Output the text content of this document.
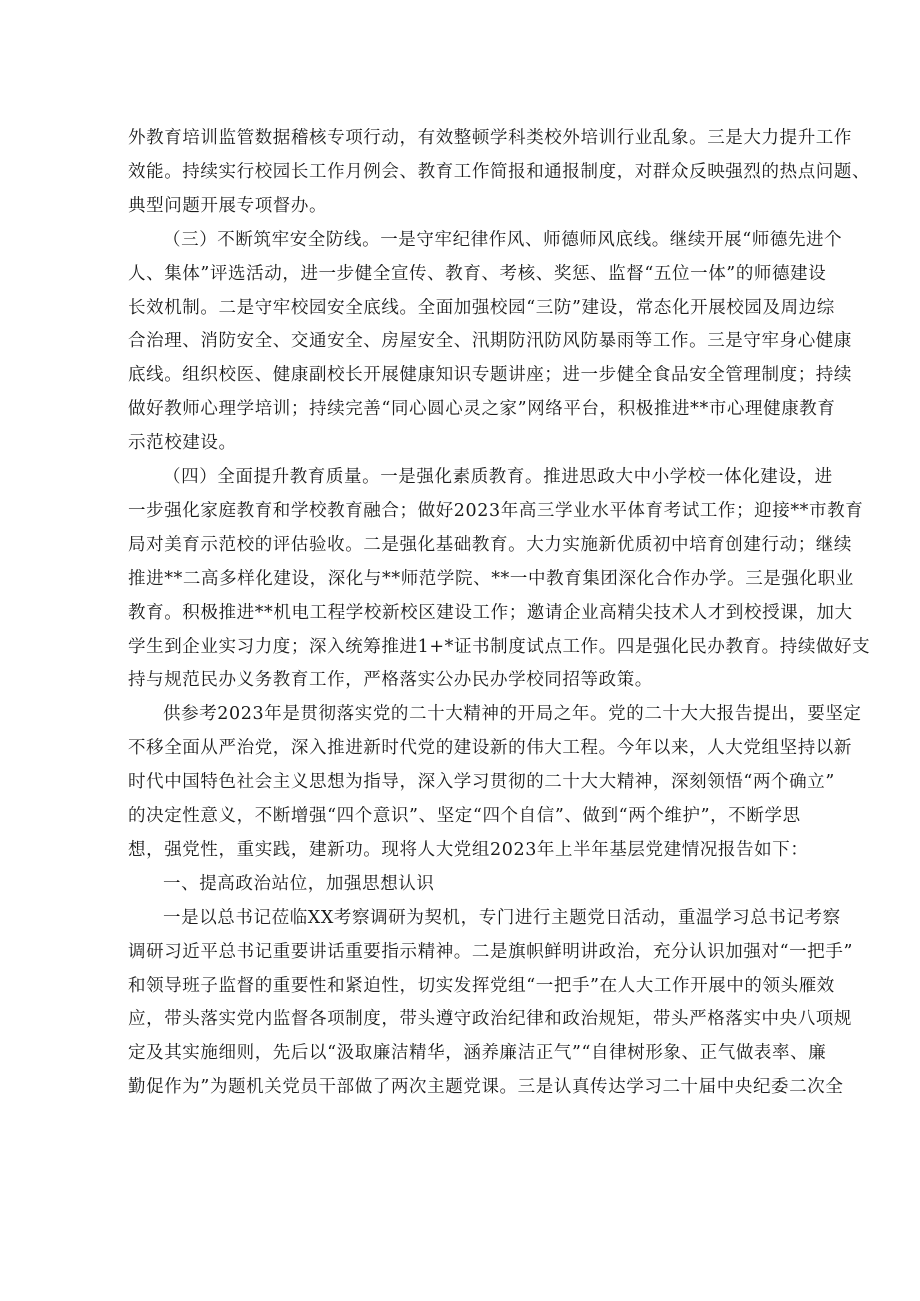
外教育培训监管数据稽核专项行动，有效整顿学科类校外培训行业乱象。三是大力提升工作
效能。持续实行校园长工作月例会、教育工作简报和通报制度，对群众反映强烈的热点问题、
典型问题开展专项督办。
（三）不断筑牢安全防线。一是守牢纪律作风、师德师风底线。继续开展“师德先进个
人、集体”评选活动，进一步健全宣传、教育、考核、奖惩、监督“五位一体”的师德建设
长效机制。二是守牢校园安全底线。全面加强校园“三防”建设，常态化开展校园及周边综
合治理、消防安全、交通安全、房屋安全、汛期防汛防风防暴雨等工作。三是守牢身心健康
底线。组织校医、健康副校长开展健康知识专题讲座；进一步健全食品安全管理制度；持续
做好教师心理学培训；持续完善“同心圆心灵之家”网络平台，积极推进**市心理健康教育
示范校建设。
（四）全面提升教育质量。一是强化素质教育。推进思政大中小学校一体化建设，进
一步强化家庭教育和学校教育融合；做好2023年高三学业水平体育考试工作；迎接**市教育
局对美育示范校的评估验收。二是强化基础教育。大力实施新优质初中培育创建行动；继续
推进**二高多样化建设，深化与**师范学院、**一中教育集团深化合作办学。三是强化职业
教育。积极推进**机电工程学校新校区建设工作；邀请企业高精尖技术人才到校授课，加大
学生到企业实习力度；深入统筹推进1+*证书制度试点工作。四是强化民办教育。持续做好支
持与规范民办义务教育工作，严格落实公办民办学校同招等政策。
供参考2023年是贯彻落实党的二十大精神的开局之年。党的二十大大报告提出，要坚定
不移全面从严治党，深入推进新时代党的建设新的伟大工程。今年以来，人大党组坚持以新
时代中国特色社会主义思想为指导，深入学习贯彻的二十大大精神，深刻领悟“两个确立”
的决定性意义，不断增强“四个意识”、坚定“四个自信”、做到“两个维护”，不断学思
想，强党性，重实践，建新功。现将人大党组2023年上半年基层党建情况报告如下：
一、提高政治站位，加强思想认识
一是以总书记莅临XX考察调研为契机，专门进行主题党日活动，重温学习总书记考察
调研习近平总书记重要讲话重要指示精神。二是旗帜鲜明讲政治，充分认识加强对“一把手”
和领导班子监督的重要性和紧迫性，切实发挥党组“一把手”在人大工作开展中的领头雁效
应，带头落实党内监督各项制度，带头遵守政治纪律和政治规矩，带头严格落实中央八项规
定及其实施细则，先后以“汲取廉洁精华，涵养廉洁正气”“自律树形象、正气做表率、廉
勤促作为”为题机关党员干部做了两次主题党课。三是认真传达学习二十届中央纪委二次全
